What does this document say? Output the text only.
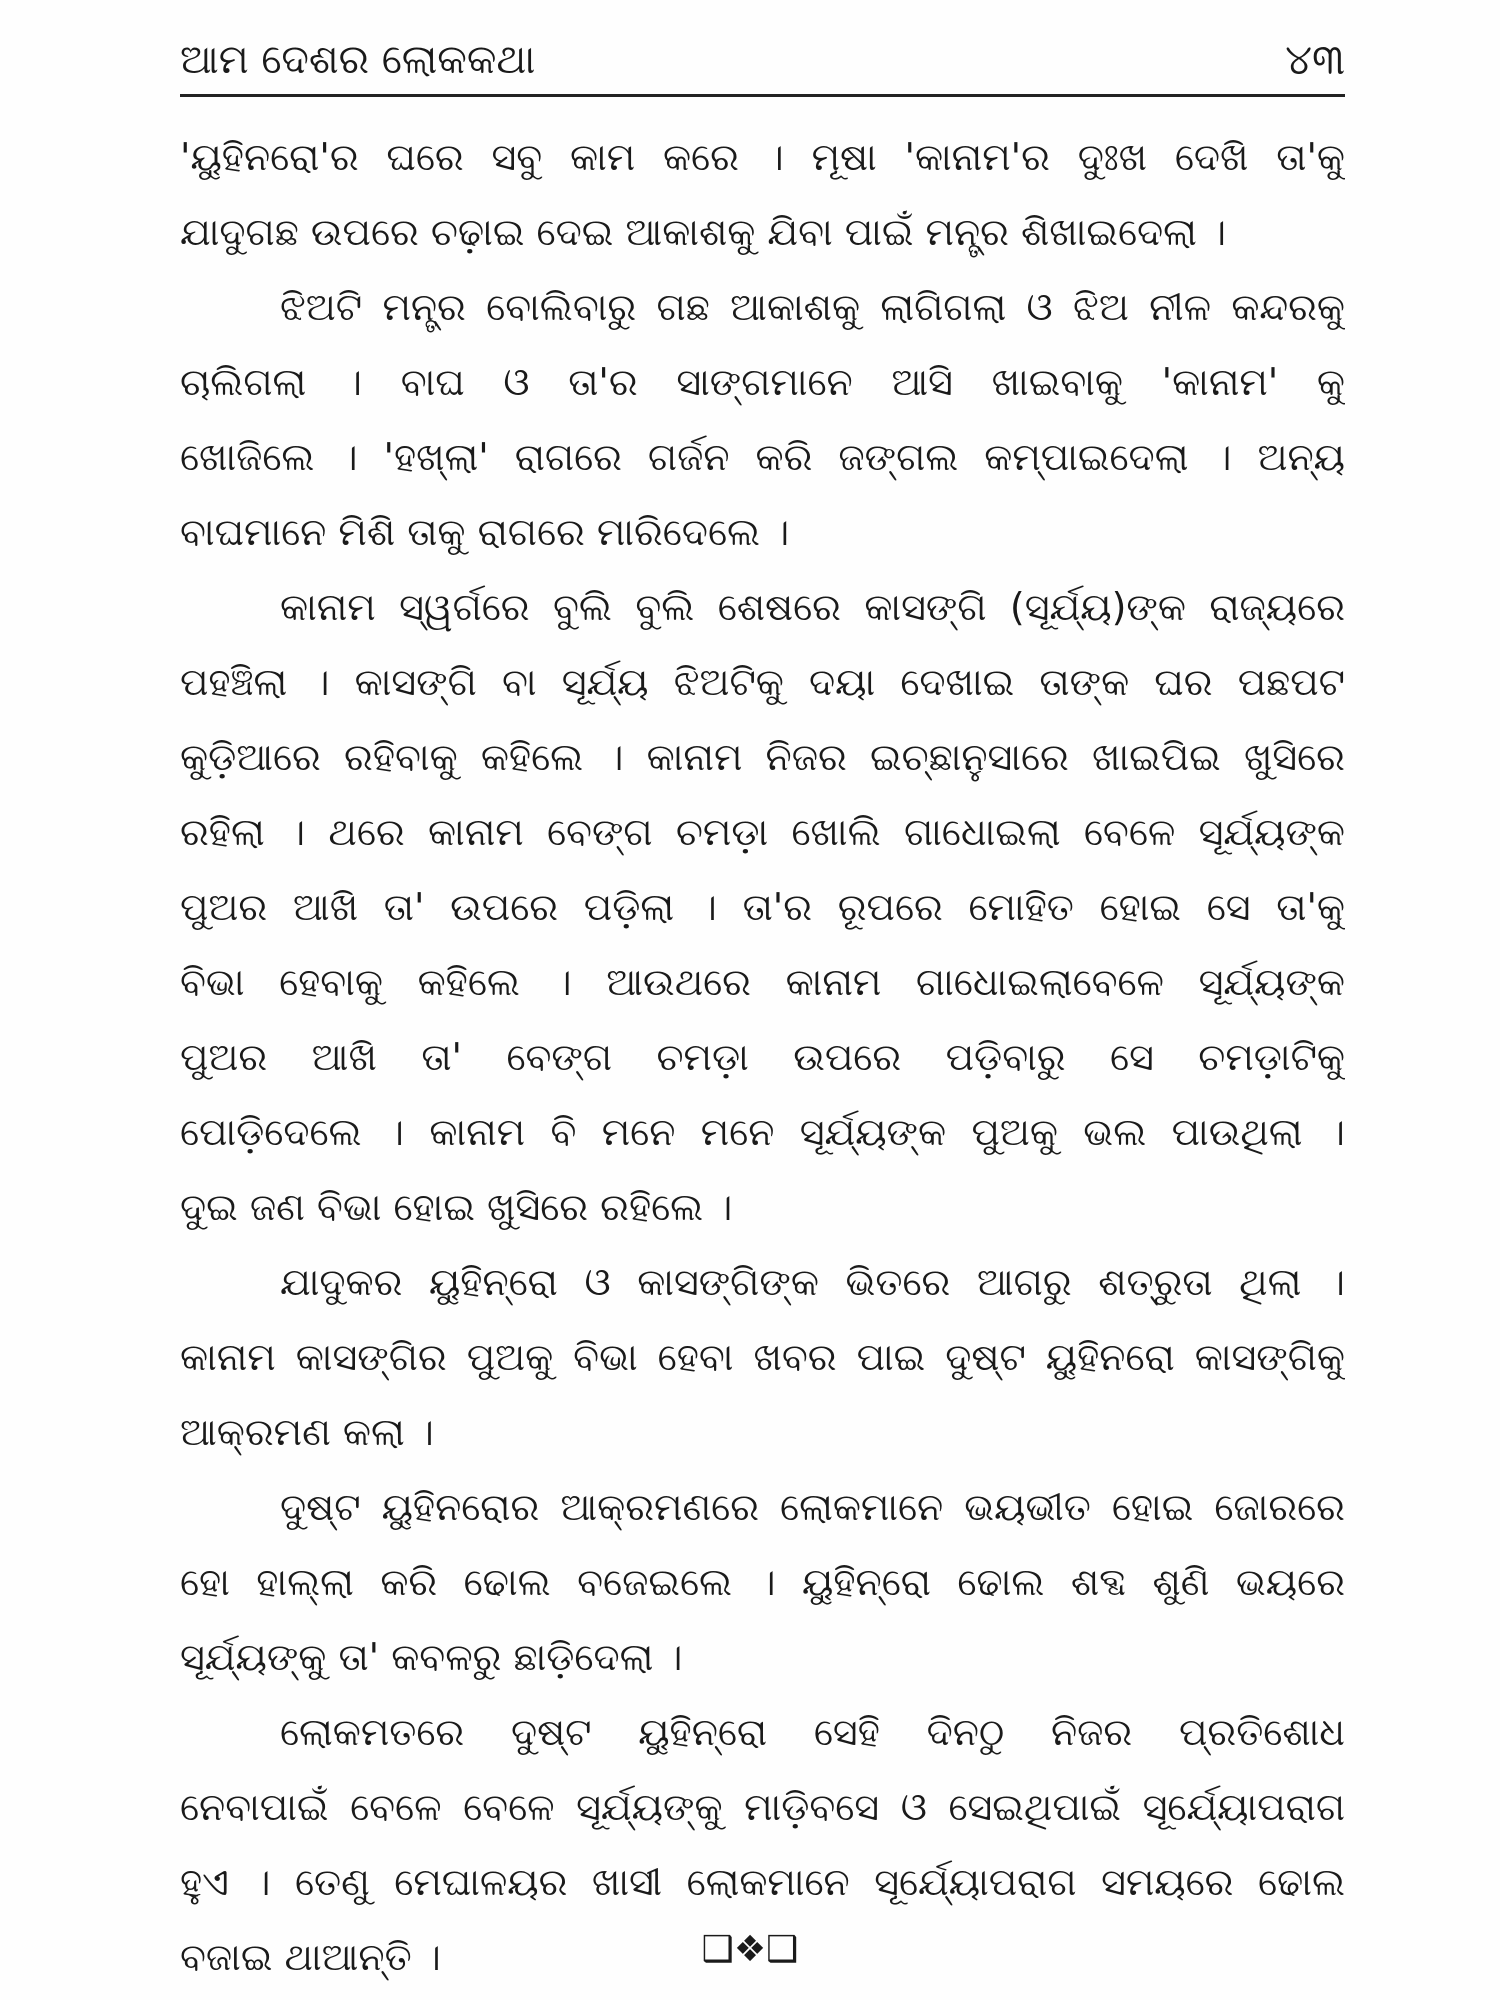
ଆମ ଦେଶର ଲୋକକଥା	୪୩
'ୟୁହିନରୋ'ର ଘରେ ସବୁ କାମ କରେ । ମୂଷା 'କାନାମ'ର ଦୁଃଖ ଦେଖି ତା'କୁ
ଯାଦୁଗଛ ଉପରେ ଚଢ଼ାଇ ଦେଇ ଆକାଶକୁ ଯିବା ପାଇଁ ମନ୍ତ୍ର ଶିଖାଇଦେଲା ।
ଝିଅଟି ମନ୍ତ୍ର ବୋଲିବାରୁ ଗଛ ଆକାଶକୁ ଲାଗିଗଲା ଓ ଝିଅ ନୀଳ କନ୍ଦରକୁ
ଚାଲିଗଲା । ବାଘ ଓ ତା'ର ସାଙ୍ଗମାନେ ଆସି ଖାଇବାକୁ 'କାନାମ' କୁ
ଖୋଜିଲେ । 'ହଖ୍ଲା' ରାଗରେ ଗର୍ଜନ କରି ଜଙ୍ଗଲ କମ୍ପାଇଦେଲା । ଅନ୍ୟ
ବାଘମାନେ ମିଶି ତାକୁ ରାଗରେ ମାରିଦେଲେ ।
କାନାମ ସ୍ୱର୍ଗରେ ବୁଲି ବୁଲି ଶେଷରେ କାସଙ୍ଗି (ସୂର୍ଯ୍ୟ)ଙ୍କ ରାଜ୍ୟରେ
ପହଞ୍ଚିଲା । କାସଙ୍ଗି ବା ସୂର୍ଯ୍ୟ ଝିଅଟିକୁ ଦୟା ଦେଖାଇ ତାଙ୍କ ଘର ପଛପଟ
କୁଡ଼ିଆରେ ରହିବାକୁ କହିଲେ । କାନାମ ନିଜର ଇଚ୍ଛାନୁସାରେ ଖାଇପିଇ ଖୁସିରେ
ରହିଲା । ଥରେ କାନାମ ବେଙ୍ଗ ଚମଡ଼ା ଖୋଲି ଗାଧୋଇଲା ବେଳେ ସୂର୍ଯ୍ୟଙ୍କ
ପୁଅର ଆଖି ତା' ଉପରେ ପଡ଼ିଲା । ତା'ର ରୂପରେ ମୋହିତ ହୋଇ ସେ ତା'କୁ
ବିଭା ହେବାକୁ କହିଲେ । ଆଉଥରେ କାନାମ ଗାଧୋଇଲାବେଳେ ସୂର୍ଯ୍ୟଙ୍କ
ପୁଅର ଆଖି ତା' ବେଙ୍ଗ ଚମଡ଼ା ଉପରେ ପଡ଼ିବାରୁ ସେ ଚମଡ଼ାଟିକୁ
ପୋଡ଼ିଦେଲେ । କାନାମ ବି ମନେ ମନେ ସୂର୍ଯ୍ୟଙ୍କ ପୁଅକୁ ଭଲ ପାଉଥିଲା ।
ଦୁଇ ଜଣ ବିଭା ହୋଇ ଖୁସିରେ ରହିଲେ ।
ଯାଦୁକର ୟୁହିନ୍‌ରୋ ଓ କାସଙ୍ଗିଙ୍କ ଭିତରେ ଆଗରୁ ଶତ୍ରୁତା ଥିଲା ।
କାନାମ କାସଙ୍ଗିର ପୁଅକୁ ବିଭା ହେବା ଖବର ପାଇ ଦୁଷ୍ଟ ୟୁହିନରୋ କାସଙ୍ଗିକୁ
ଆକ୍ରମଣ କଲା ।
ଦୁଷ୍ଟ ୟୁହିନରୋର ଆକ୍ରମଣରେ ଲୋକମାନେ ଭୟଭୀତ ହୋଇ ଜୋରରେ
ହୋ ହାଲ୍ଲା କରି ଢୋଲ ବଜେଇଲେ । ୟୁହିନ୍‌ରୋ ଢୋଲ ଶବ୍ଦ ଶୁଣି ଭୟରେ
ସୂର୍ଯ୍ୟଙ୍କୁ ତା' କବଳରୁ ଛାଡ଼ିଦେଲା ।
ଲୋକମତରେ ଦୁଷ୍ଟ ୟୁହିନ୍‌ରୋ ସେହି ଦିନଠୁ ନିଜର ପ୍ରତିଶୋଧ
ନେବାପାଇଁ ବେଳେ ବେଳେ ସୂର୍ଯ୍ୟଙ୍କୁ ମାଡ଼ିବସେ ଓ ସେଇଥିପାଇଁ ସୂର୍ଯ୍ୟୋପରାଗ
ହୁଏ । ତେଣୁ ମେଘାଳୟର ଖାସୀ ଲୋକମାନେ ସୂର୍ଯ୍ୟୋପରାଗ ସମୟରେ ଢୋଲ
ବଜାଇ ଥାଆନ୍ତି ।	❑❖❑
